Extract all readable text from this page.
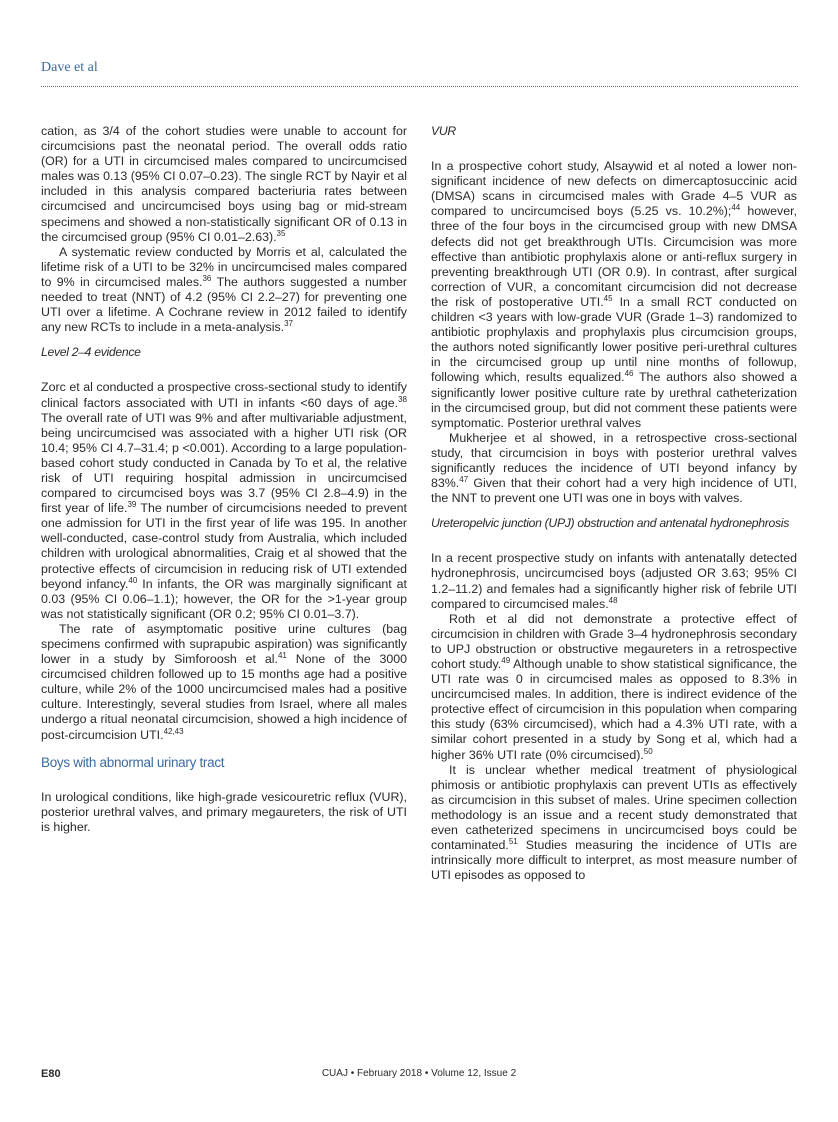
Dave et al

cation, as 3/4 of the cohort studies were unable to account for circumcisions past the neonatal period. The overall odds ratio (OR) for a UTI in circumcised males compared to uncircumcised males was 0.13 (95% CI 0.07–0.23). The single RCT by Nayir et al included in this analysis compared bacteriuria rates between circumcised and uncircumcised boys using bag or mid-stream specimens and showed a non-statistically significant OR of 0.13 in the circumcised group (95% CI 0.01–2.63).$^{35}$

A systematic review conducted by Morris et al, calculated the lifetime risk of a UTI to be 32% in uncircumcised males compared to 9% in circumcised males.$^{36}$ The authors suggested a number needed to treat (NNT) of 4.2 (95% CI 2.2–27) for preventing one UTI over a lifetime. A Cochrane review in 2012 failed to identify any new RCTs to include in a meta-analysis.$^{37}$

Level 2–4 evidence

Zorc et al conducted a prospective cross-sectional study to identify clinical factors associated with UTI in infants <60 days of age.$^{38}$ The overall rate of UTI was 9% and after multivariable adjustment, being uncircumcised was associated with a higher UTI risk (OR 10.4; 95% CI 4.7–31.4; p <0.001). According to a large population-based cohort study conducted in Canada by To et al, the relative risk of UTI requiring hospital admission in uncircumcised compared to circumcised boys was 3.7 (95% CI 2.8–4.9) in the first year of life.$^{39}$ The number of circumcisions needed to prevent one admission for UTI in the first year of life was 195. In another well-conducted, case-control study from Australia, which included children with urological abnormalities, Craig et al showed that the protective effects of circumcision in reducing risk of UTI extended beyond infancy.$^{40}$ In infants, the OR was marginally significant at 0.03 (95% CI 0.06–1.1); however, the OR for the >1-year group was not statistically significant (OR 0.2; 95% CI 0.01–3.7).

The rate of asymptomatic positive urine cultures (bag specimens confirmed with suprapubic aspiration) was significantly lower in a study by Simforoosh et al.$^{41}$ None of the 3000 circumcised children followed up to 15 months age had a positive culture, while 2% of the 1000 uncircumcised males had a positive culture. Interestingly, several studies from Israel, where all males undergo a ritual neonatal circumcision, showed a high incidence of post-circumcision UTI.$^{42,43}$

Boys with abnormal urinary tract

In urological conditions, like high-grade vesicouretric reflux (VUR), posterior urethral valves, and primary megaureters, the risk of UTI is higher.

VUR

In a prospective cohort study, Alsaywid et al noted a lower non-significant incidence of new defects on dimercaptosuccinic acid (DMSA) scans in circumcised males with Grade 4–5 VUR as compared to uncircumcised boys (5.25 vs. 10.2%);$^{44}$ however, three of the four boys in the circumcised group with new DMSA defects did not get breakthrough UTIs. Circumcision was more effective than antibiotic prophylaxis alone or anti-reflux surgery in preventing breakthrough UTI (OR 0.9). In contrast, after surgical correction of VUR, a concomitant circumcision did not decrease the risk of postoperative UTI.$^{45}$ In a small RCT conducted on children <3 years with low-grade VUR (Grade 1–3) randomized to antibiotic prophylaxis and prophylaxis plus circumcision groups, the authors noted significantly lower positive peri-urethral cultures in the circumcised group up until nine months of followup, following which, results equalized.$^{46}$ The authors also showed a significantly lower positive culture rate by urethral catheterization in the circumcised group, but did not comment these patients were symptomatic. Posterior urethral valves

Mukherjee et al showed, in a retrospective cross-sectional study, that circumcision in boys with posterior urethral valves significantly reduces the incidence of UTI beyond infancy by 83%.$^{47}$ Given that their cohort had a very high incidence of UTI, the NNT to prevent one UTI was one in boys with valves.

Ureteropelvic junction (UPJ) obstruction and antenatal hydronephrosis

In a recent prospective study on infants with antenatally detected hydronephrosis, uncircumcised boys (adjusted OR 3.63; 95% CI 1.2–11.2) and females had a significantly higher risk of febrile UTI compared to circumcised males.$^{48}$

Roth et al did not demonstrate a protective effect of circumcision in children with Grade 3–4 hydronephrosis secondary to UPJ obstruction or obstructive megaureters in a retrospective cohort study.$^{49}$ Although unable to show statistical significance, the UTI rate was 0 in circumcised males as opposed to 8.3% in uncircumcised males. In addition, there is indirect evidence of the protective effect of circumcision in this population when comparing this study (63% circumcised), which had a 4.3% UTI rate, with a similar cohort presented in a study by Song et al, which had a higher 36% UTI rate (0% circumcised).$^{50}$

It is unclear whether medical treatment of physiological phimosis or antibiotic prophylaxis can prevent UTIs as effectively as circumcision in this subset of males. Urine specimen collection methodology is an issue and a recent study demonstrated that even catheterized specimens in uncircumcised boys could be contaminated.$^{51}$ Studies measuring the incidence of UTIs are intrinsically more difficult to interpret, as most measure number of UTI episodes as opposed to

E80	CUAJ • February 2018 • Volume 12, Issue 2
